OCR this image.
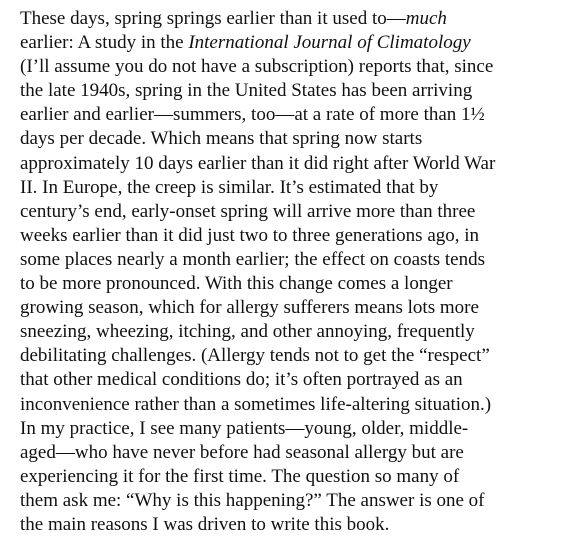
These days, spring springs earlier than it used to—much
earlier: A study in the International Journal of Climatology
(I’ll assume you do not have a subscription) reports that, since
the late 1940s, spring in the United States has been arriving
earlier and earlier—summers, too—at a rate of more than 1½
days per decade. Which means that spring now starts
approximately 10 days earlier than it did right after World War
II. In Europe, the creep is similar. It’s estimated that by
century’s end, early-onset spring will arrive more than three
weeks earlier than it did just two to three generations ago, in
some places nearly a month earlier; the effect on coasts tends
to be more pronounced. With this change comes a longer
growing season, which for allergy sufferers means lots more
sneezing, wheezing, itching, and other annoying, frequently
debilitating challenges. (Allergy tends not to get the “respect”
that other medical conditions do; it’s often portrayed as an
inconvenience rather than a sometimes life-altering situation.)
In my practice, I see many patients—young, older, middle-
aged—who have never before had seasonal allergy but are
experiencing it for the first time. The question so many of
them ask me: “Why is this happening?” The answer is one of
the main reasons I was driven to write this book.
